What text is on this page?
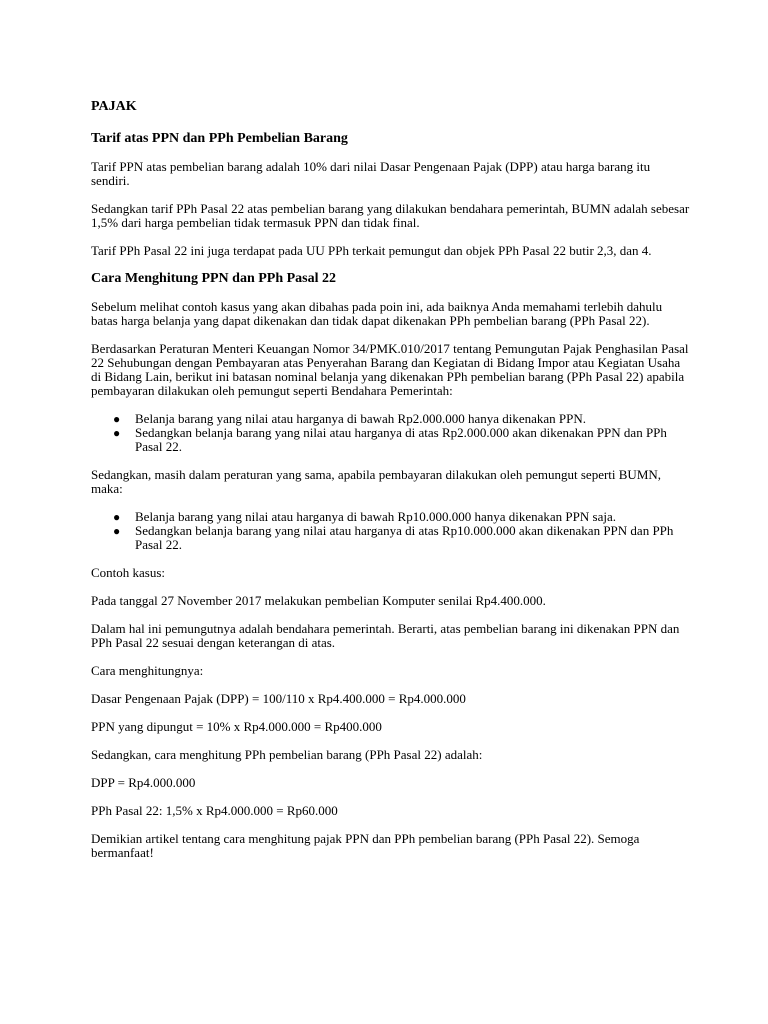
PAJAK
Tarif atas PPN dan PPh Pembelian Barang

Tarif PPN atas pembelian barang adalah 10% dari nilai Dasar Pengenaan Pajak (DPP) atau harga barang itu sendiri.

Sedangkan tarif PPh Pasal 22 atas pembelian barang yang dilakukan bendahara pemerintah, BUMN adalah sebesar 1,5% dari harga pembelian tidak termasuk PPN dan tidak final.

Tarif PPh Pasal 22 ini juga terdapat pada UU PPh terkait pemungut dan objek PPh Pasal 22 butir 2,3, dan 4.

Cara Menghitung PPN dan PPh Pasal 22

Sebelum melihat contoh kasus yang akan dibahas pada poin ini, ada baiknya Anda memahami terlebih dahulu batas harga belanja yang dapat dikenakan dan tidak dapat dikenakan PPh pembelian barang (PPh Pasal 22).

Berdasarkan Peraturan Menteri Keuangan Nomor 34/PMK.010/2017 tentang Pemungutan Pajak Penghasilan Pasal 22 Sehubungan dengan Pembayaran atas Penyerahan Barang dan Kegiatan di Bidang Impor atau Kegiatan Usaha di Bidang Lain, berikut ini batasan nominal belanja yang dikenakan PPh pembelian barang (PPh Pasal 22) apabila pembayaran dilakukan oleh pemungut seperti Bendahara Pemerintah:

● Belanja barang yang nilai atau harganya di bawah Rp2.000.000 hanya dikenakan PPN.
● Sedangkan belanja barang yang nilai atau harganya di atas Rp2.000.000 akan dikenakan PPN dan PPh Pasal 22.

Sedangkan, masih dalam peraturan yang sama, apabila pembayaran dilakukan oleh pemungut seperti BUMN, maka:

● Belanja barang yang nilai atau harganya di bawah Rp10.000.000 hanya dikenakan PPN saja.
● Sedangkan belanja barang yang nilai atau harganya di atas Rp10.000.000 akan dikenakan PPN dan PPh Pasal 22.

Contoh kasus:

Pada tanggal 27 November 2017 melakukan pembelian Komputer senilai Rp4.400.000.

Dalam hal ini pemungutnya adalah bendahara pemerintah. Berarti, atas pembelian barang ini dikenakan PPN dan PPh Pasal 22 sesuai dengan keterangan di atas.

Cara menghitungnya:

Dasar Pengenaan Pajak (DPP) = 100/110 x Rp4.400.000 = Rp4.000.000

PPN yang dipungut = 10% x Rp4.000.000 = Rp400.000

Sedangkan, cara menghitung PPh pembelian barang (PPh Pasal 22) adalah:

DPP = Rp4.000.000

PPh Pasal 22: 1,5% x Rp4.000.000 = Rp60.000

Demikian artikel tentang cara menghitung pajak PPN dan PPh pembelian barang (PPh Pasal 22). Semoga bermanfaat!
